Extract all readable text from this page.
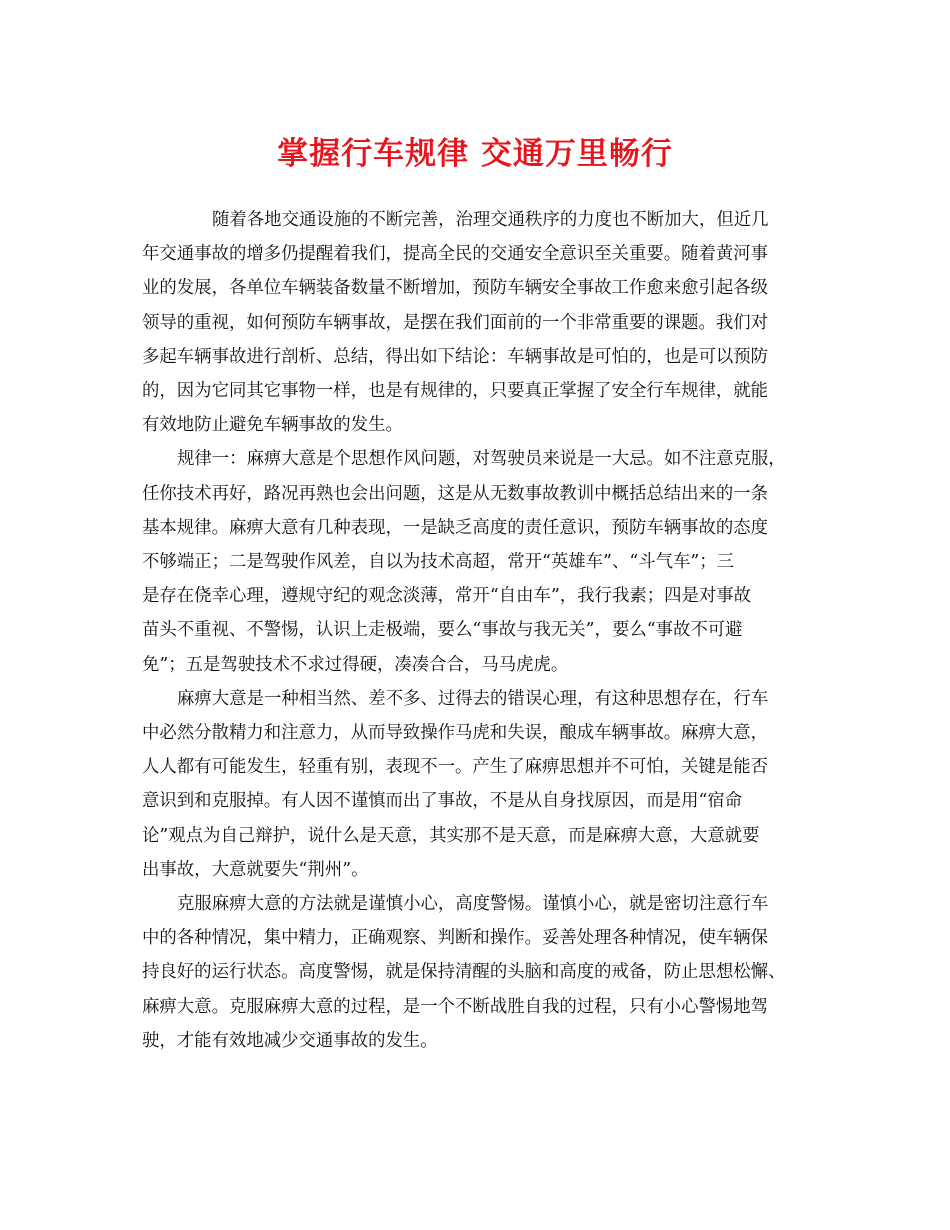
掌握行车规律 交通万里畅行
随着各地交通设施的不断完善，治理交通秩序的力度也不断加大，但近几
年交通事故的增多仍提醒着我们，提高全民的交通安全意识至关重要。随着黄河事
业的发展，各单位车辆装备数量不断增加，预防车辆安全事故工作愈来愈引起各级
领导的重视，如何预防车辆事故，是摆在我们面前的一个非常重要的课题。我们对
多起车辆事故进行剖析、总结，得出如下结论：车辆事故是可怕的，也是可以预防
的，因为它同其它事物一样，也是有规律的，只要真正掌握了安全行车规律，就能
有效地防止避免车辆事故的发生。
规律一：麻痹大意是个思想作风问题，对驾驶员来说是一大忌。如不注意克服，
任你技术再好，路况再熟也会出问题，这是从无数事故教训中概括总结出来的一条
基本规律。麻痹大意有几种表现，一是缺乏高度的责任意识，预防车辆事故的态度
不够端正；二是驾驶作风差，自以为技术高超，常开“英雄车”、“斗气车”；三
是存在侥幸心理，遵规守纪的观念淡薄，常开“自由车”，我行我素；四是对事故
苗头不重视、不警惕，认识上走极端，要么“事故与我无关”，要么“事故不可避
免”；五是驾驶技术不求过得硬，凑凑合合，马马虎虎。
麻痹大意是一种相当然、差不多、过得去的错误心理，有这种思想存在，行车
中必然分散精力和注意力，从而导致操作马虎和失误，酿成车辆事故。麻痹大意，
人人都有可能发生，轻重有别，表现不一。产生了麻痹思想并不可怕，关键是能否
意识到和克服掉。有人因不谨慎而出了事故，不是从自身找原因，而是用“宿命
论”观点为自己辩护，说什么是天意，其实那不是天意，而是麻痹大意，大意就要
出事故，大意就要失“荆州”。
克服麻痹大意的方法就是谨慎小心，高度警惕。谨慎小心，就是密切注意行车
中的各种情况，集中精力，正确观察、判断和操作。妥善处理各种情况，使车辆保
持良好的运行状态。高度警惕，就是保持清醒的头脑和高度的戒备，防止思想松懈、
麻痹大意。克服麻痹大意的过程，是一个不断战胜自我的过程，只有小心警惕地驾
驶，才能有效地减少交通事故的发生。
